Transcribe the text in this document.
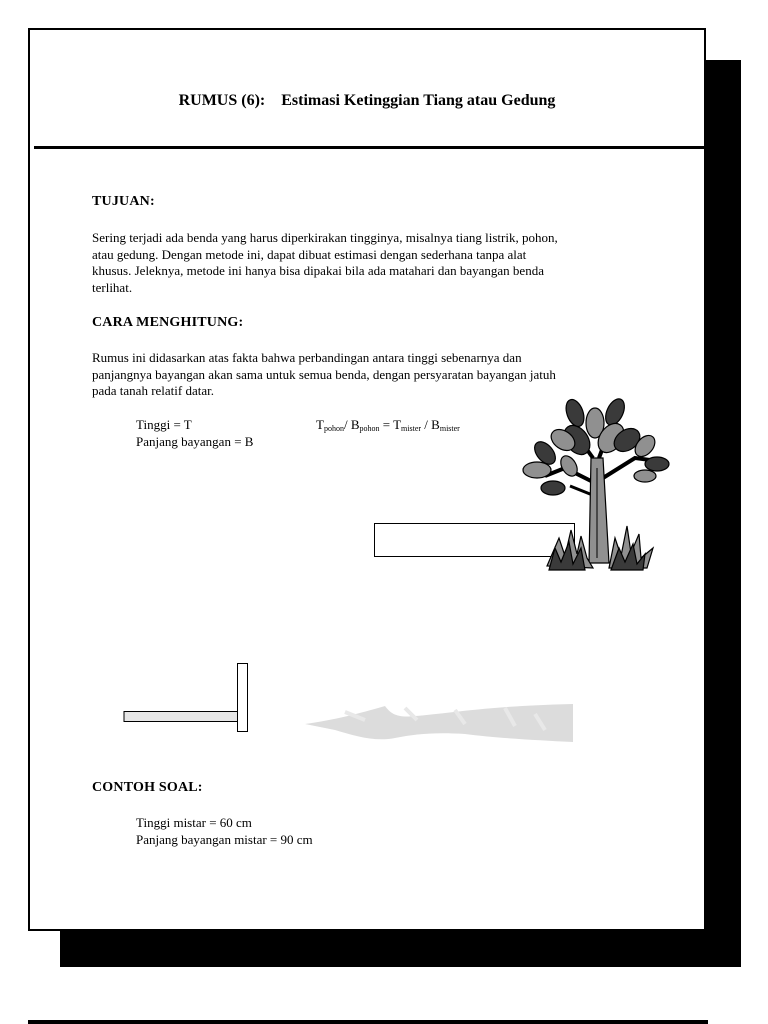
RUMUS (6): Estimasi Ketinggian Tiang atau Gedung
TUJUAN:
Sering terjadi ada benda yang harus diperkirakan tingginya, misalnya tiang listrik, pohon,
atau gedung. Dengan metode ini, dapat dibuat estimasi dengan sederhana tanpa alat
khusus. Jeleknya, metode ini hanya bisa dipakai bila ada matahari dan bayangan benda
terlihat.
CARA MENGHITUNG:
Rumus ini didasarkan atas fakta bahwa perbandingan antara tinggi sebenarnya dan
panjangnya bayangan akan sama untuk semua benda, dengan persyaratan bayangan jatuh
pada tanah relatif datar.
Tinggi = T
Panjang bayangan = B
$T_{pohon}/$ $B_{pohon} = T_{mister} / B_{mister}$
CONTOH SOAL:
Tinggi mistar = 60 cm
Panjang bayangan mistar = 90 cm
